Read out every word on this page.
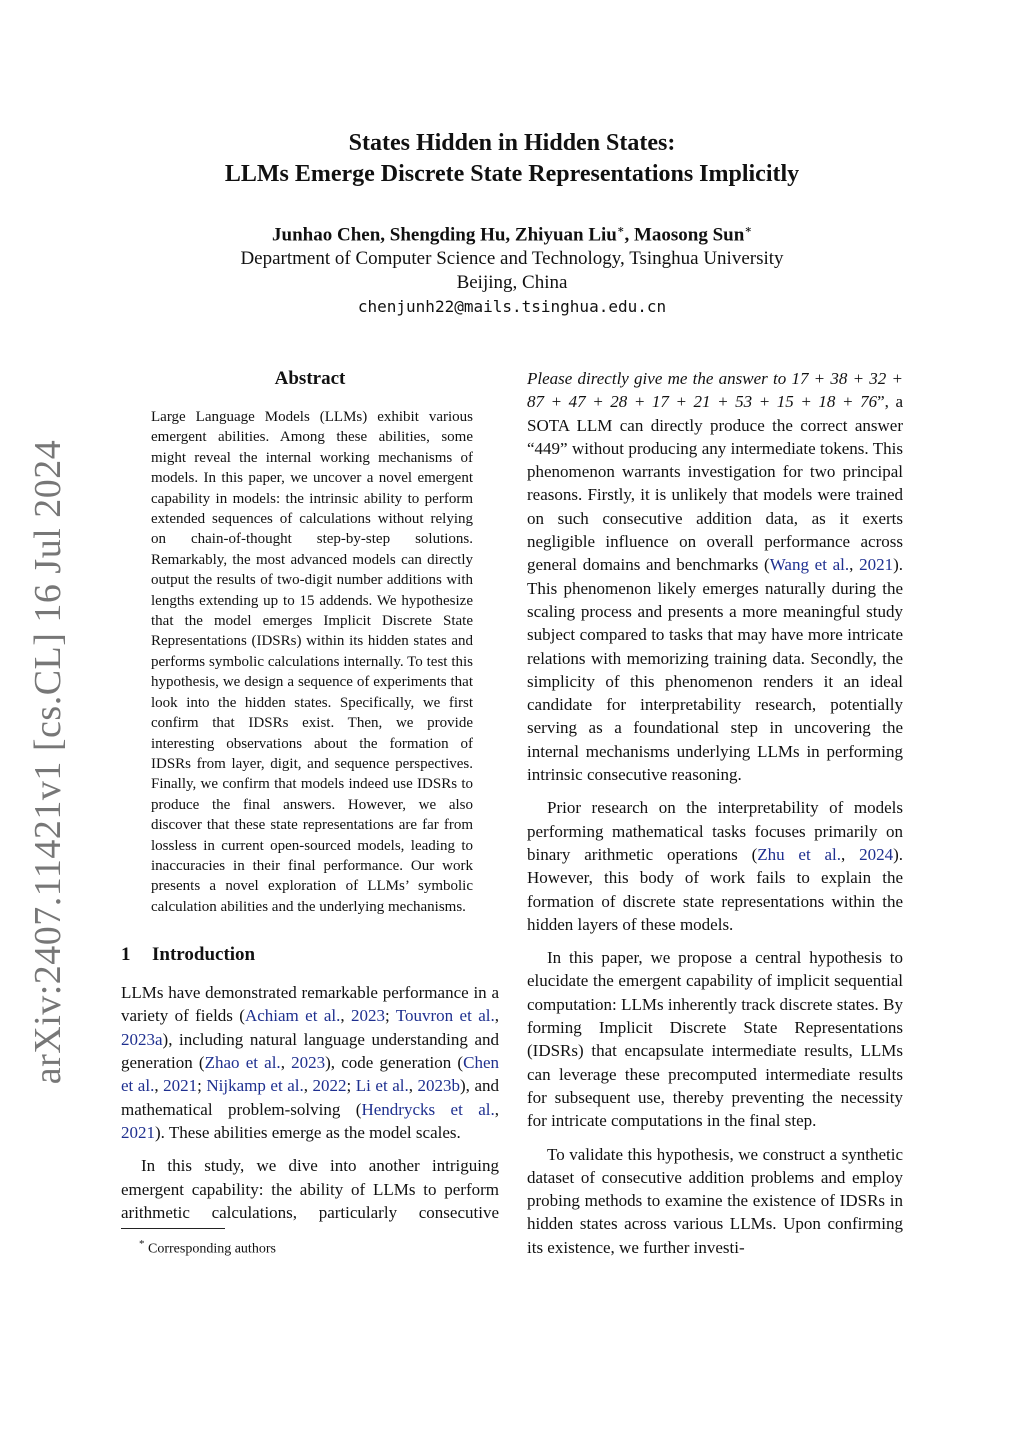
arXiv:2407.11421v1 [cs.CL] 16 Jul 2024
States Hidden in Hidden States:
LLMs Emerge Discrete State Representations Implicitly
Junhao Chen, Shengding Hu, Zhiyuan Liu∗, Maosong Sun∗
Department of Computer Science and Technology, Tsinghua University
Beijing, China
chenjunh22@mails.tsinghua.edu.cn
Abstract
Large Language Models (LLMs) exhibit various emergent abilities. Among these abilities, some might reveal the internal working mechanisms of models. In this paper, we uncover a novel emergent capability in models: the intrinsic ability to perform extended sequences of calculations without relying on chain-of-thought step-by-step solutions. Remarkably, the most advanced models can directly output the results of two-digit number additions with lengths extending up to 15 addends. We hypothesize that the model emerges Implicit Discrete State Representations (IDSRs) within its hidden states and performs symbolic calculations internally. To test this hypothesis, we design a sequence of experiments that look into the hidden states. Specifically, we first confirm that IDSRs exist. Then, we provide interesting observations about the formation of IDSRs from layer, digit, and sequence perspectives. Finally, we confirm that models indeed use IDSRs to produce the final answers. However, we also discover that these state representations are far from lossless in current open-sourced models, leading to inaccuracies in their final performance. Our work presents a novel exploration of LLMs’ symbolic calculation abilities and the underlying mechanisms.
1 Introduction

LLMs have demonstrated remarkable performance in a variety of fields (Achiam et al., 2023; Touvron et al., 2023a), including natural language understanding and generation (Zhao et al., 2023), code generation (Chen et al., 2021; Nijkamp et al., 2022; Li et al., 2023b), and mathematical problem-solving (Hendrycks et al., 2021). These abilities emerge as the model scales.

In this study, we dive into another intriguing emergent capability: the ability of LLMs to perform arithmetic calculations, particularly consecutive

* Corresponding authors

Please directly give me the answer to 17 + 38 + 32 + 87 + 47 + 28 + 17 + 21 + 53 + 15 + 18 + 76”, a SOTA LLM can directly produce the correct answer “449” without producing any intermediate tokens. This phenomenon warrants investigation for two principal reasons. Firstly, it is unlikely that models were trained on such consecutive addition data, as it exerts negligible influence on overall performance across general domains and benchmarks (Wang et al., 2021). This phenomenon likely emerges naturally during the scaling process and presents a more meaningful study subject compared to tasks that may have more intricate relations with memorizing training data. Secondly, the simplicity of this phenomenon renders it an ideal candidate for interpretability research, potentially serving as a foundational step in uncovering the internal mechanisms underlying LLMs in performing intrinsic consecutive reasoning.

Prior research on the interpretability of models performing mathematical tasks focuses primarily on binary arithmetic operations (Zhu et al., 2024). However, this body of work fails to explain the formation of discrete state representations within the hidden layers of these models.

In this paper, we propose a central hypothesis to elucidate the emergent capability of implicit sequential computation: LLMs inherently track discrete states. By forming Implicit Discrete State Representations (IDSRs) that encapsulate intermediate results, LLMs can leverage these precomputed intermediate results for subsequent use, thereby preventing the necessity for intricate computations in the final step.

To validate this hypothesis, we construct a synthetic dataset of consecutive addition problems and employ probing methods to examine the existence of IDSRs in hidden states across various LLMs. Upon confirming its existence, we further investi-
